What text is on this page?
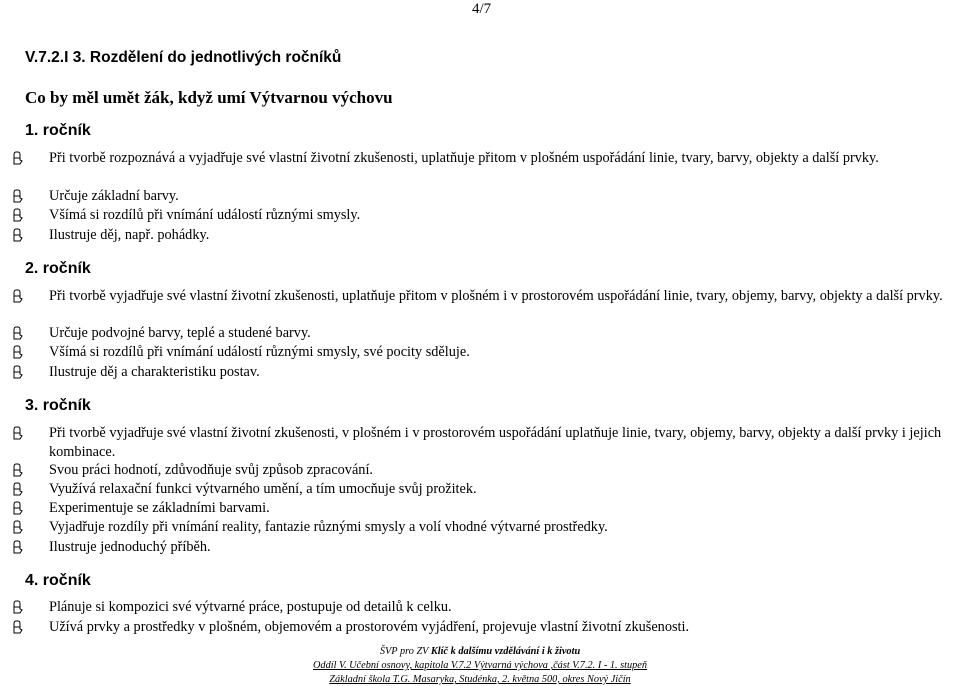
4/7
V.7.2.I 3. Rozdělení do jednotlivých ročníků
Co by měl umět žák, když umí Výtvarnou výchovu
1. ročník
Při tvorbě rozpoznává a vyjadřuje své vlastní životní zkušenosti, uplatňuje přitom v plošném uspořádání linie, tvary, barvy, objekty a další prvky.
Určuje základní barvy.
Všímá si rozdílů při vnímání událostí různými smysly.
Ilustruje děj, např. pohádky.
2. ročník
Při tvorbě vyjadřuje své vlastní životní zkušenosti, uplatňuje přitom v plošném i v prostorovém uspořádání linie, tvary, objemy, barvy, objekty a další prvky.
Určuje podvojné barvy, teplé a studené barvy.
Všímá si rozdílů při vnímání událostí různými smysly, své pocity sděluje.
Ilustruje děj a charakteristiku postav.
3. ročník
Při tvorbě vyjadřuje své vlastní životní zkušenosti, v plošném i v prostorovém uspořádání uplatňuje linie, tvary, objemy, barvy, objekty a další prvky i jejich kombinace.
Svou práci hodnotí, zdůvodňuje svůj způsob zpracování.
Využívá relaxační funkci výtvarného umění, a tím umocňuje svůj prožitek.
Experimentuje se základními barvami.
Vyjadřuje rozdíly při vnímání reality, fantazie různými smysly a volí vhodné výtvarné prostředky.
Ilustruje jednoduchý příběh.
4. ročník
Plánuje si kompozici své výtvarné práce, postupuje od detailů k celku.
Užívá prvky a prostředky v plošném, objemovém a prostorovém vyjádření, projevuje vlastní životní zkušenosti.
ŠVP pro ZV Klíč k dalšímu vzdělávání i k životu
Oddíl V. Učební osnovy, kapitola V.7.2 Výtvarná výchova ,část V.7.2. I - 1. stupeň
Základní škola T.G. Masaryka, Studénka, 2. května 500, okres Nový Jičín
